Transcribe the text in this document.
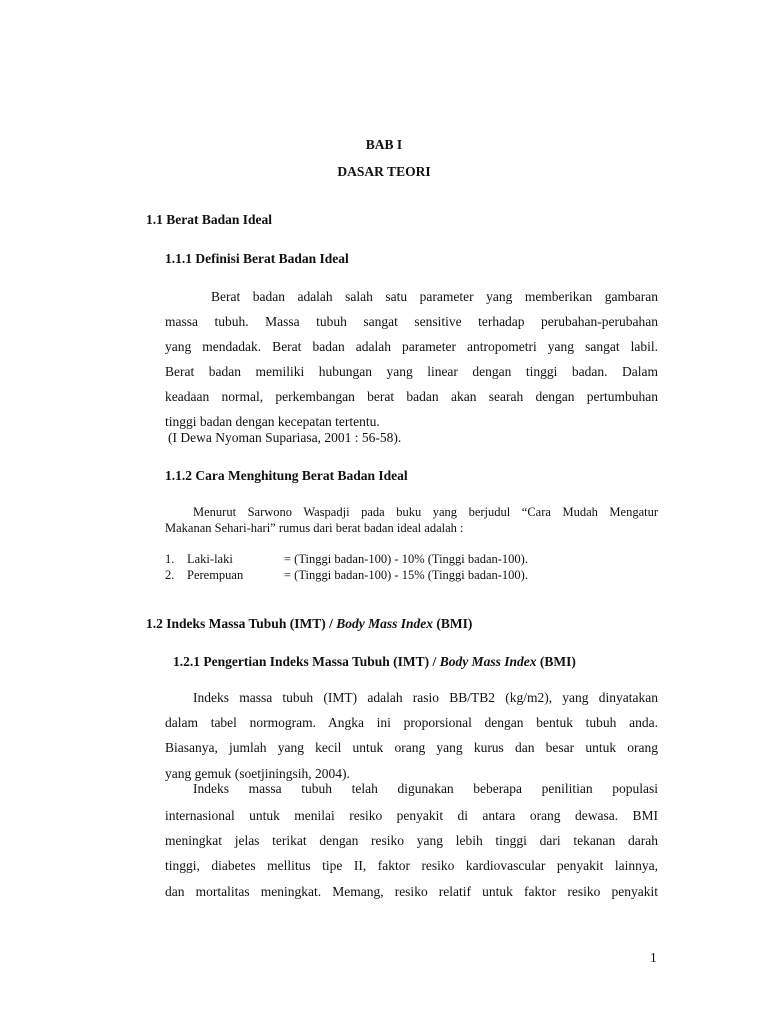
BAB I
DASAR TEORI
1.1 Berat Badan Ideal
1.1.1 Definisi Berat Badan Ideal
Berat badan adalah salah satu parameter yang memberikan gambaran
massa tubuh. Massa tubuh sangat sensitive terhadap perubahan-perubahan
yang mendadak. Berat badan adalah parameter antropometri yang sangat labil.
Berat badan memiliki hubungan yang linear dengan tinggi badan. Dalam
keadaan normal, perkembangan berat badan akan searah dengan pertumbuhan
tinggi badan dengan kecepatan tertentu.
(I Dewa Nyoman Supariasa, 2001 : 56-58).
1.1.2 Cara Menghitung Berat Badan Ideal
Menurut Sarwono Waspadji pada buku yang berjudul “Cara Mudah Mengatur
Makanan Sehari-hari” rumus dari berat badan ideal adalah :
1. Laki-laki	= (Tinggi badan-100) - 10% (Tinggi badan-100).
2. Perempuan	= (Tinggi badan-100) - 15% (Tinggi badan-100).
1.2 Indeks Massa Tubuh (IMT) / Body Mass Index (BMI)
1.2.1 Pengertian Indeks Massa Tubuh (IMT) / Body Mass Index (BMI)
Indeks massa tubuh (IMT) adalah rasio BB/TB2 (kg/m2), yang dinyatakan
dalam tabel normogram. Angka ini proporsional dengan bentuk tubuh anda.
Biasanya, jumlah yang kecil untuk orang yang kurus dan besar untuk orang
yang gemuk (soetjiningsih, 2004).
Indeks massa tubuh telah digunakan beberapa penilitian populasi
internasional untuk menilai resiko penyakit di antara orang dewasa. BMI
meningkat jelas terikat dengan resiko yang lebih tinggi dari tekanan darah
tinggi, diabetes mellitus tipe II, faktor resiko kardiovascular penyakit lainnya,
dan mortalitas meningkat. Memang, resiko relatif untuk faktor resiko penyakit
1
